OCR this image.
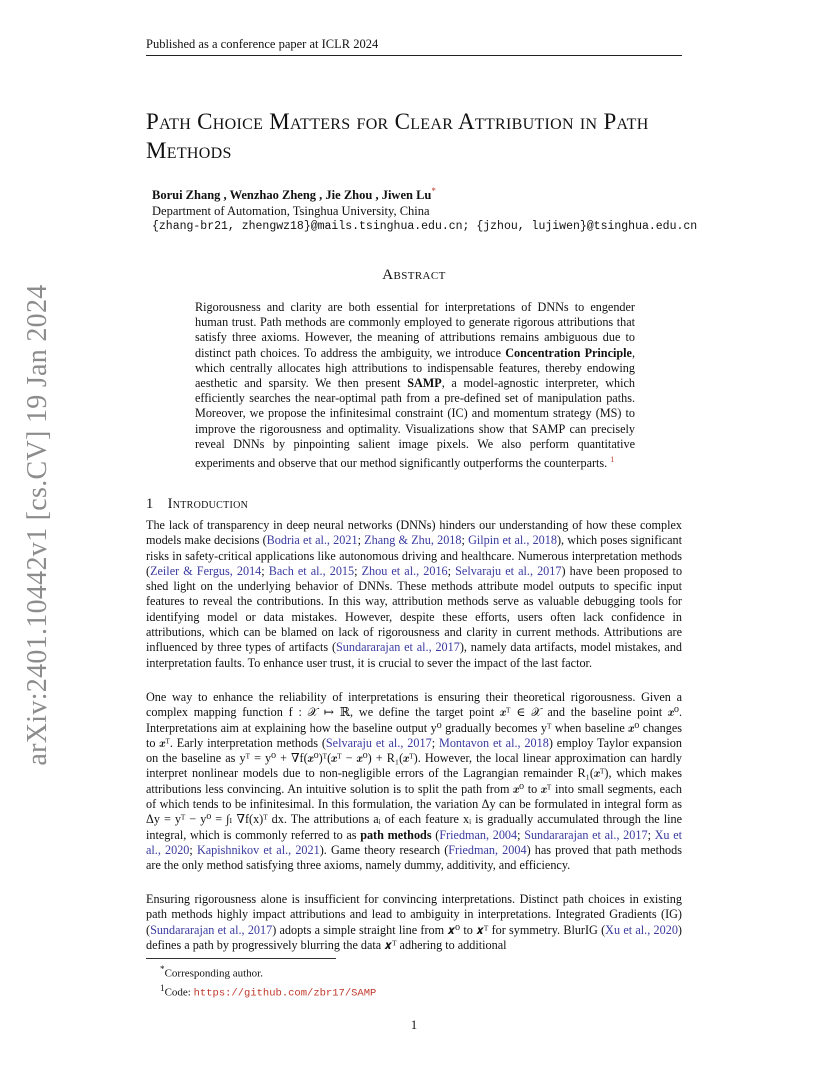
Published as a conference paper at ICLR 2024
arXiv:2401.10442v1 [cs.CV] 19 Jan 2024
Path Choice Matters for Clear Attribution in Path Methods
Borui Zhang , Wenzhao Zheng , Jie Zhou , Jiwen Lu*
Department of Automation, Tsinghua University, China
{zhang-br21, zhengwz18}@mails.tsinghua.edu.cn; {jzhou, lujiwen}@tsinghua.edu.cn
Abstract
Rigorousness and clarity are both essential for interpretations of DNNs to engender human trust. Path methods are commonly employed to generate rigorous attributions that satisfy three axioms. However, the meaning of attributions remains ambiguous due to distinct path choices. To address the ambiguity, we introduce Concentration Principle, which centrally allocates high attributions to indispensable features, thereby endowing aesthetic and sparsity. We then present SAMP, a model-agnostic interpreter, which efficiently searches the near-optimal path from a pre-defined set of manipulation paths. Moreover, we propose the infinitesimal constraint (IC) and momentum strategy (MS) to improve the rigorousness and optimality. Visualizations show that SAMP can precisely reveal DNNs by pinpointing salient image pixels. We also perform quantitative experiments and observe that our method significantly outperforms the counterparts. $^1$
1 Introduction
The lack of transparency in deep neural networks (DNNs) hinders our understanding of how these complex models make decisions (Bodria et al., 2021; Zhang & Zhu, 2018; Gilpin et al., 2018), which poses significant risks in safety-critical applications like autonomous driving and healthcare. Numerous interpretation methods (Zeiler & Fergus, 2014; Bach et al., 2015; Zhou et al., 2016; Selvaraju et al., 2017) have been proposed to shed light on the underlying behavior of DNNs. These methods attribute model outputs to specific input features to reveal the contributions. In this way, attribution methods serve as valuable debugging tools for identifying model or data mistakes. However, despite these efforts, users often lack confidence in attributions, which can be blamed on lack of rigorousness and clarity in current methods. Attributions are influenced by three types of artifacts (Sundararajan et al., 2017), namely data artifacts, model mistakes, and interpretation faults. To enhance user trust, it is crucial to sever the impact of the last factor.
One way to enhance the reliability of interpretations is ensuring their theoretical rigorousness. Given a complex mapping function f : 𝒳 ↦ ℝ, we define the target point 𝒙ᵀ ∈ 𝒳 and the baseline point 𝒙⁰. Interpretations aim at explaining how the baseline output y⁰ gradually becomes yᵀ when baseline 𝒙⁰ changes to 𝒙ᵀ. Early interpretation methods (Selvaraju et al., 2017; Montavon et al., 2018) employ Taylor expansion on the baseline as yᵀ = y⁰ + ∇f(𝒙⁰)ᵀ(𝒙ᵀ − 𝒙⁰) + R₁(𝒙ᵀ). However, the local linear approximation can hardly interpret nonlinear models due to non-negligible errors of the Lagrangian remainder R₁(𝒙ᵀ), which makes attributions less convincing. An intuitive solution is to split the path from 𝒙⁰ to 𝒙ᵀ into small segments, each of which tends to be infinitesimal. In this formulation, the variation Δy can be formulated in integral form as Δy = yᵀ − y⁰ = ∫ₗ ∇f(x)ᵀ dx. The attributions aᵢ of each feature xᵢ is gradually accumulated through the line integral, which is commonly referred to as path methods (Friedman, 2004; Sundararajan et al., 2017; Xu et al., 2020; Kapishnikov et al., 2021). Game theory research (Friedman, 2004) has proved that path methods are the only method satisfying three axioms, namely dummy, additivity, and efficiency.
Ensuring rigorousness alone is insufficient for convincing interpretations. Distinct path choices in existing path methods highly impact attributions and lead to ambiguity in interpretations. Integrated Gradients (IG) (Sundararajan et al., 2017) adopts a simple straight line from 𝒙⁰ to 𝒙ᵀ for symmetry. BlurIG (Xu et al., 2020) defines a path by progressively blurring the data 𝒙ᵀ adhering to additional
*Corresponding author.
$^1$Code: https://github.com/zbr17/SAMP
1
